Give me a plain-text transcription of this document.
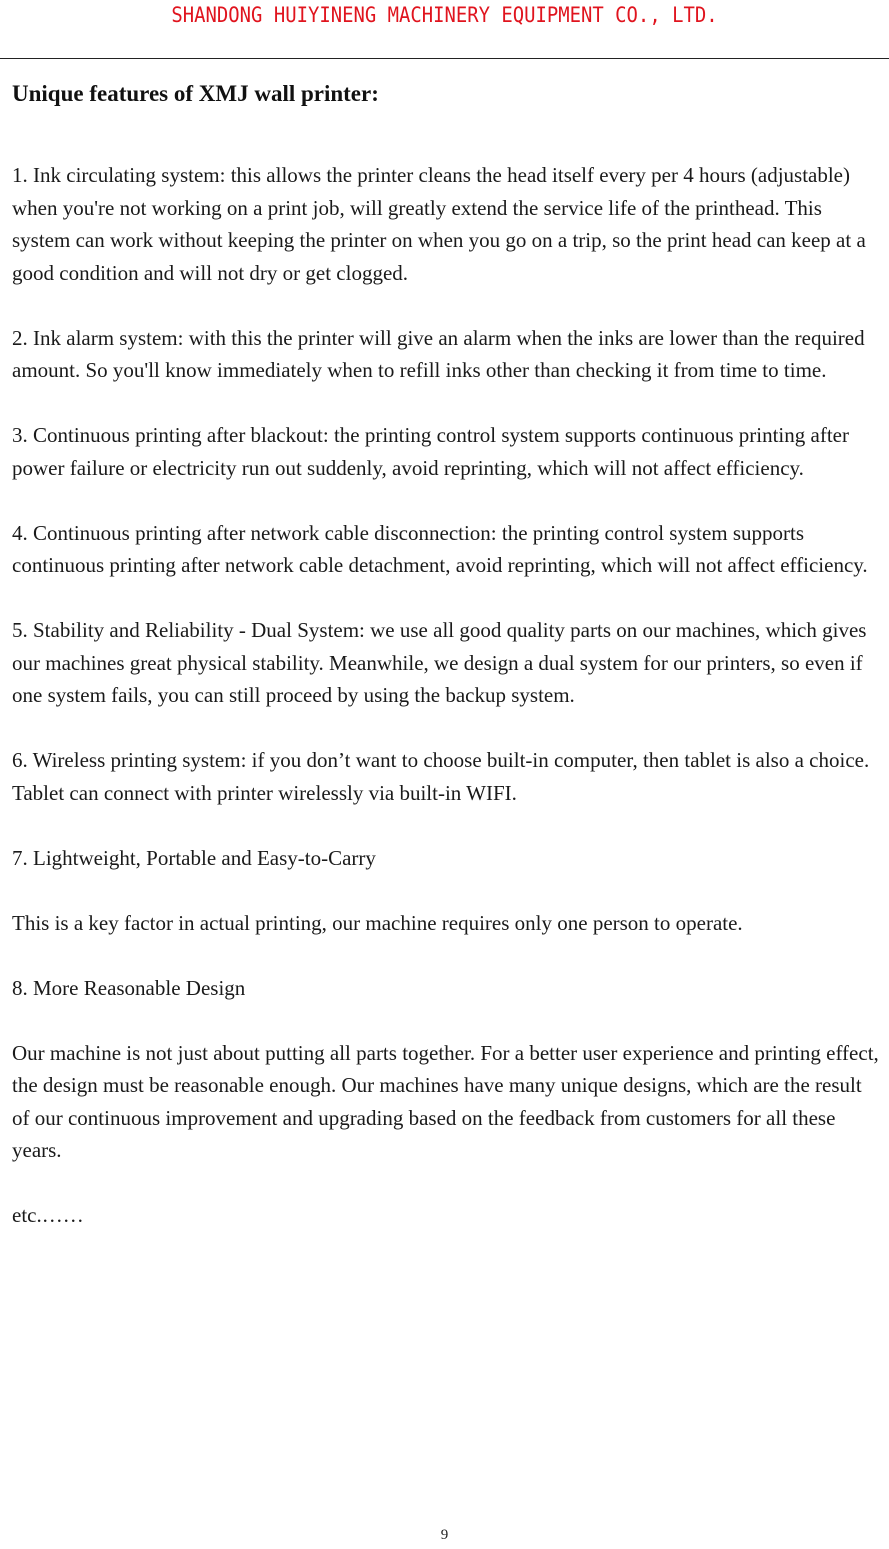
SHANDONG HUIYINENG MACHINERY EQUIPMENT CO., LTD.
Unique features of XMJ wall printer:

1. Ink circulating system: this allows the printer cleans the head itself every per 4 hours (adjustable) when you're not working on a print job, will greatly extend the service life of the printhead. This system can work without keeping the printer on when you go on a trip, so the print head can keep at a good condition and will not dry or get clogged.

2. Ink alarm system: with this the printer will give an alarm when the inks are lower than the required amount. So you'll know immediately when to refill inks other than checking it from time to time.

3. Continuous printing after blackout: the printing control system supports continuous printing after power failure or electricity run out suddenly, avoid reprinting, which will not affect efficiency.

4. Continuous printing after network cable disconnection: the printing control system supports continuous printing after network cable detachment, avoid reprinting, which will not affect efficiency.

5. Stability and Reliability - Dual System: we use all good quality parts on our machines, which gives our machines great physical stability. Meanwhile, we design a dual system for our printers, so even if one system fails, you can still proceed by using the backup system.

6. Wireless printing system: if you don’t want to choose built-in computer, then tablet is also a choice. Tablet can connect with printer wirelessly via built-in WIFI.

7. Lightweight, Portable and Easy-to-Carry

This is a key factor in actual printing, our machine requires only one person to operate.

8. More Reasonable Design

Our machine is not just about putting all parts together. For a better user experience and printing effect, the design must be reasonable enough. Our machines have many unique designs, which are the result of our continuous improvement and upgrading based on the feedback from customers for all these years.

etc.……

9
